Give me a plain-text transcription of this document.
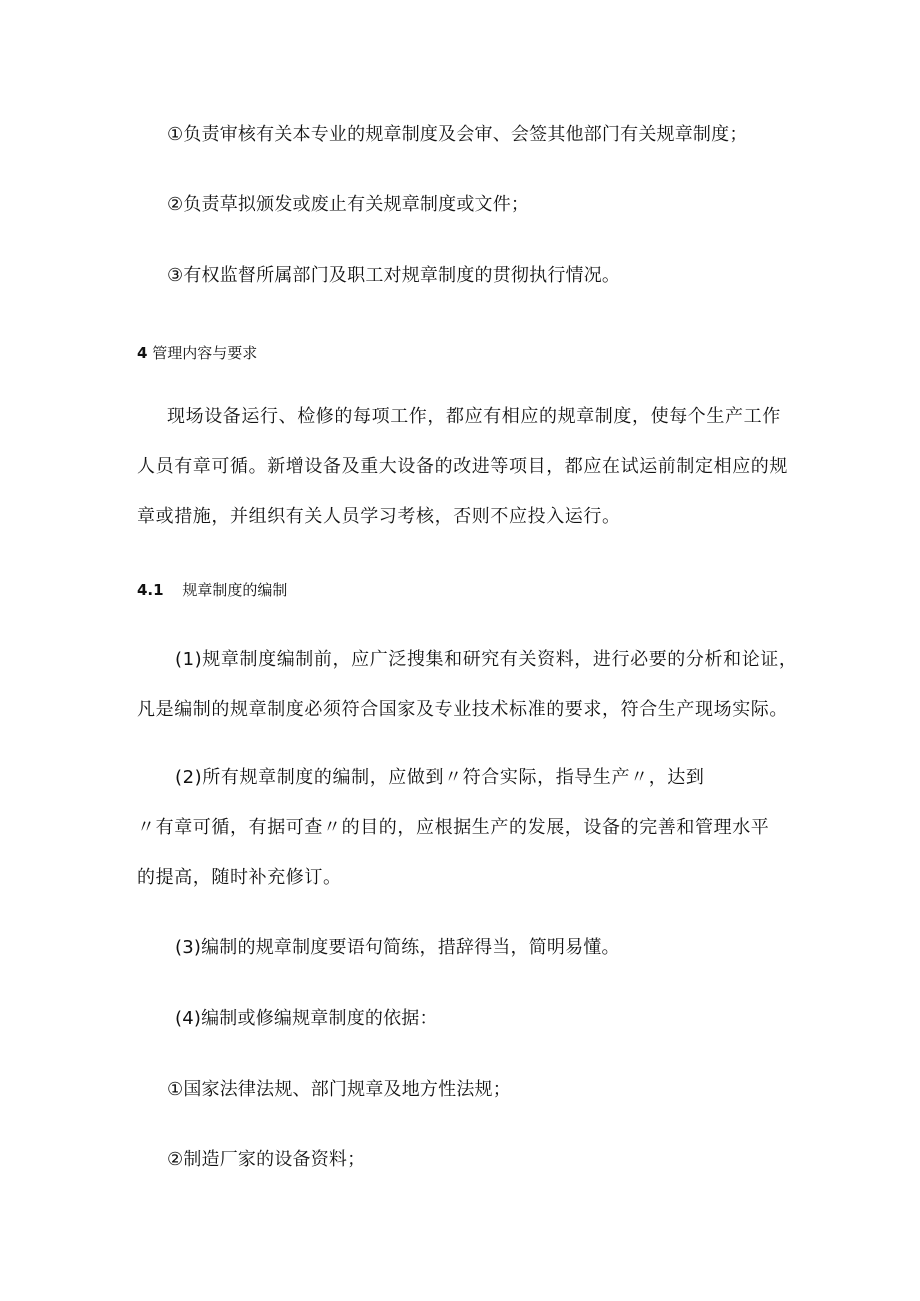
①负责审核有关本专业的规章制度及会审、会签其他部门有关规章制度；
②负责草拟颁发或废止有关规章制度或文件；
③有权监督所属部门及职工对规章制度的贯彻执行情况。
4 管理内容与要求
现场设备运行、检修的每项工作，都应有相应的规章制度，使每个生产工作
人员有章可循。新增设备及重大设备的改进等项目，都应在试运前制定相应的规
章或措施，并组织有关人员学习考核，否则不应投入运行。
4.1 规章制度的编制
(1)规章制度编制前，应广泛搜集和研究有关资料，进行必要的分析和论证，
凡是编制的规章制度必须符合国家及专业技术标准的要求，符合生产现场实际。
(2)所有规章制度的编制，应做到〃符合实际，指导生产〃，达到
〃有章可循，有据可查〃的目的，应根据生产的发展，设备的完善和管理水平
的提高，随时补充修订。
(3)编制的规章制度要语句简练，措辞得当，简明易懂。
(4)编制或修编规章制度的依据：
①国家法律法规、部门规章及地方性法规；
②制造厂家的设备资料；
